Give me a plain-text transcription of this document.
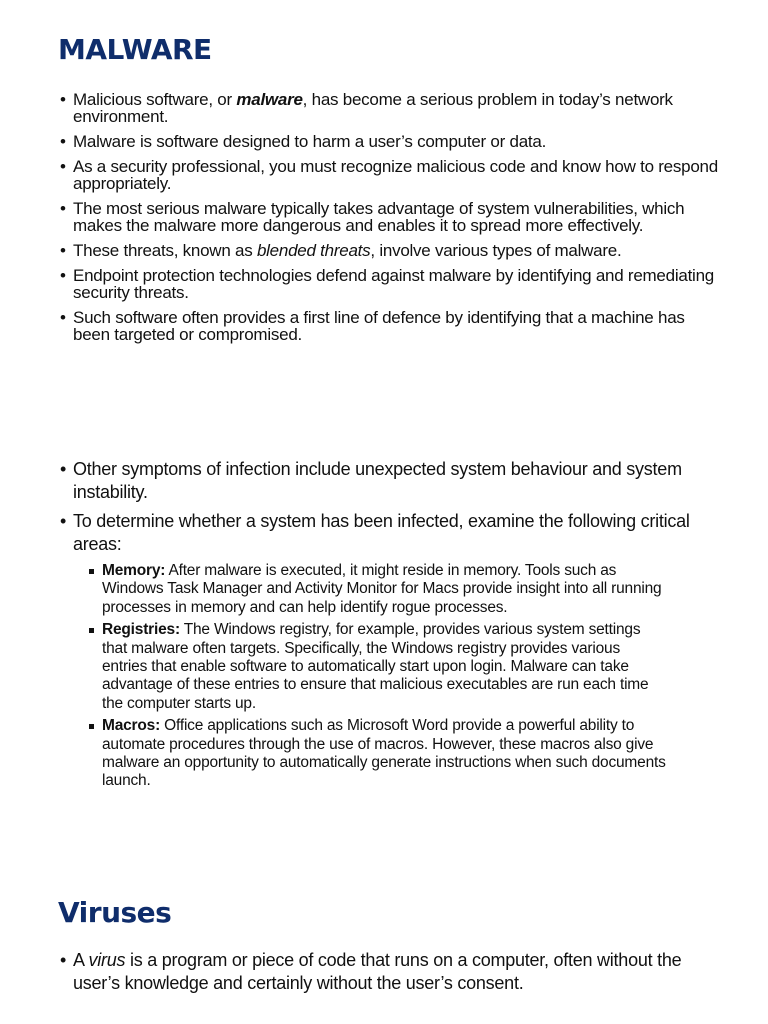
MALWARE
• Malicious software, or malware, has become a serious problem in today’s network environment.
• Malware is software designed to harm a user’s computer or data.
• As a security professional, you must recognize malicious code and know how to respond appropriately.
• The most serious malware typically takes advantage of system vulnerabilities, which makes the malware more dangerous and enables it to spread more effectively.
• These threats, known as blended threats, involve various types of malware.
• Endpoint protection technologies defend against malware by identifying and remediating security threats.
• Such software often provides a first line of defence by identifying that a machine has been targeted or compromised.
• Other symptoms of infection include unexpected system behaviour and system instability.
• To determine whether a system has been infected, examine the following critical areas:
Memory: After malware is executed, it might reside in memory. Tools such as Windows Task Manager and Activity Monitor for Macs provide insight into all running processes in memory and can help identify rogue processes.
Registries: The Windows registry, for example, provides various system settings that malware often targets. Specifically, the Windows registry provides various entries that enable software to automatically start upon login. Malware can take advantage of these entries to ensure that malicious executables are run each time the computer starts up.
Macros: Office applications such as Microsoft Word provide a powerful ability to automate procedures through the use of macros. However, these macros also give malware an opportunity to automatically generate instructions when such documents launch.
Viruses
• A virus is a program or piece of code that runs on a computer, often without the user’s knowledge and certainly without the user’s consent.
